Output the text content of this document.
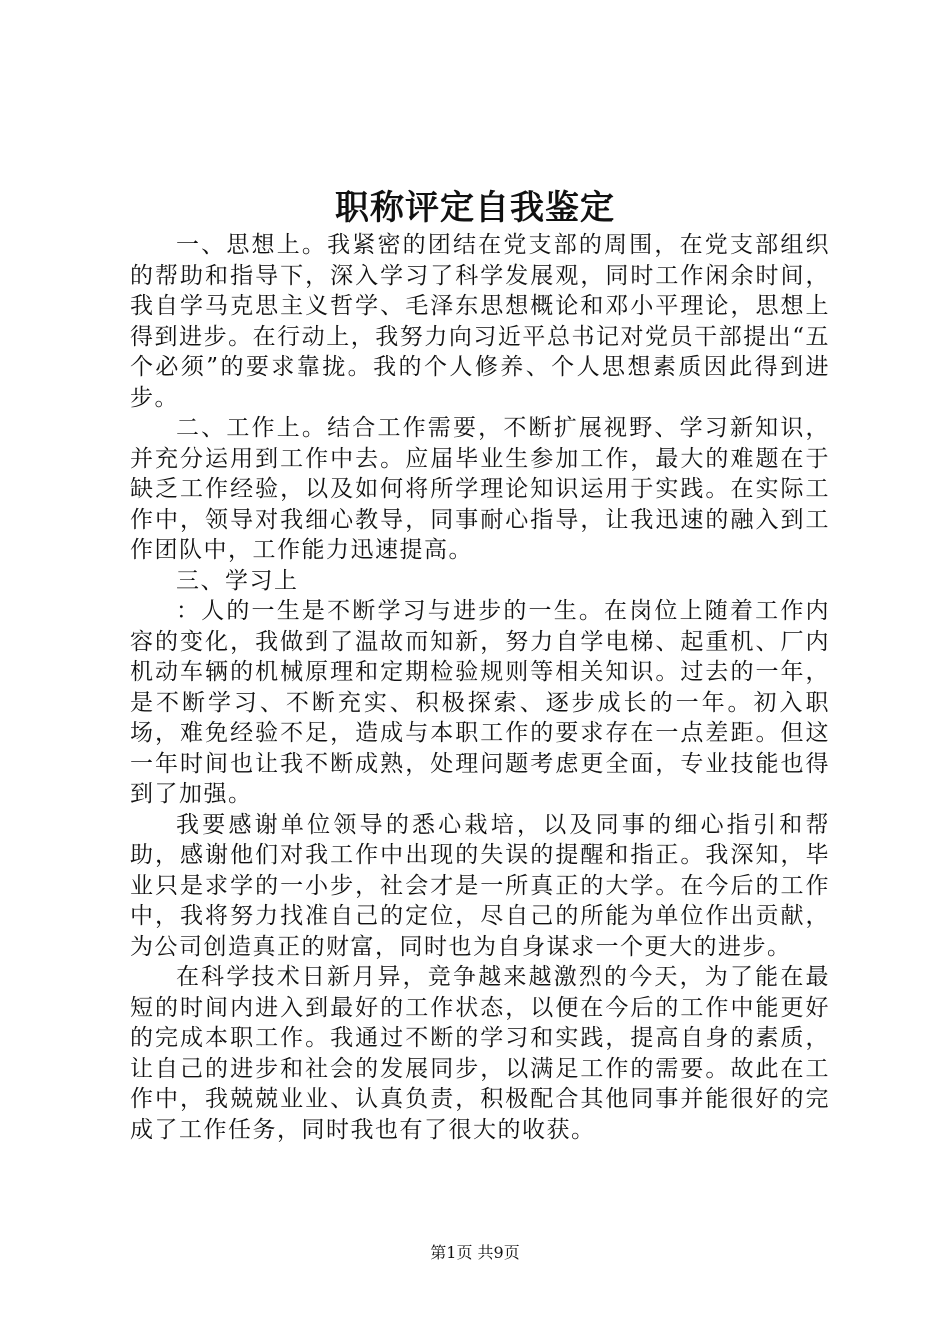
职称评定自我鉴定

一、思想上。我紧密的团结在党支部的周围，在党支部组织的帮助和指导下，深入学习了科学发展观，同时工作闲余时间，我自学马克思主义哲学、毛泽东思想概论和邓小平理论，思想上得到进步。在行动上，我努力向习近平总书记对党员干部提出“五个必须”的要求靠拢。我的个人修养、个人思想素质因此得到进步。

二、工作上。结合工作需要，不断扩展视野、学习新知识，并充分运用到工作中去。应届毕业生参加工作，最大的难题在于缺乏工作经验，以及如何将所学理论知识运用于实践。在实际工作中，领导对我细心教导，同事耐心指导，让我迅速的融入到工作团队中，工作能力迅速提高。

三、学习上

：人的一生是不断学习与进步的一生。在岗位上随着工作内容的变化，我做到了温故而知新，努力自学电梯、起重机、厂内机动车辆的机械原理和定期检验规则等相关知识。过去的一年，是不断学习、不断充实、积极探索、逐步成长的一年。初入职场，难免经验不足，造成与本职工作的要求存在一点差距。但这一年时间也让我不断成熟，处理问题考虑更全面，专业技能也得到了加强。

我要感谢单位领导的悉心栽培，以及同事的细心指引和帮助，感谢他们对我工作中出现的失误的提醒和指正。我深知，毕业只是求学的一小步，社会才是一所真正的大学。在今后的工作中，我将努力找准自己的定位，尽自己的所能为单位作出贡献，为公司创造真正的财富，同时也为自身谋求一个更大的进步。

在科学技术日新月异，竞争越来越激烈的今天，为了能在最短的时间内进入到最好的工作状态，以便在今后的工作中能更好的完成本职工作。我通过不断的学习和实践，提高自身的素质，让自己的进步和社会的发展同步，以满足工作的需要。故此在工作中，我兢兢业业、认真负责，积极配合其他同事并能很好的完成了工作任务，同时我也有了很大的收获。

第1页 共9页
